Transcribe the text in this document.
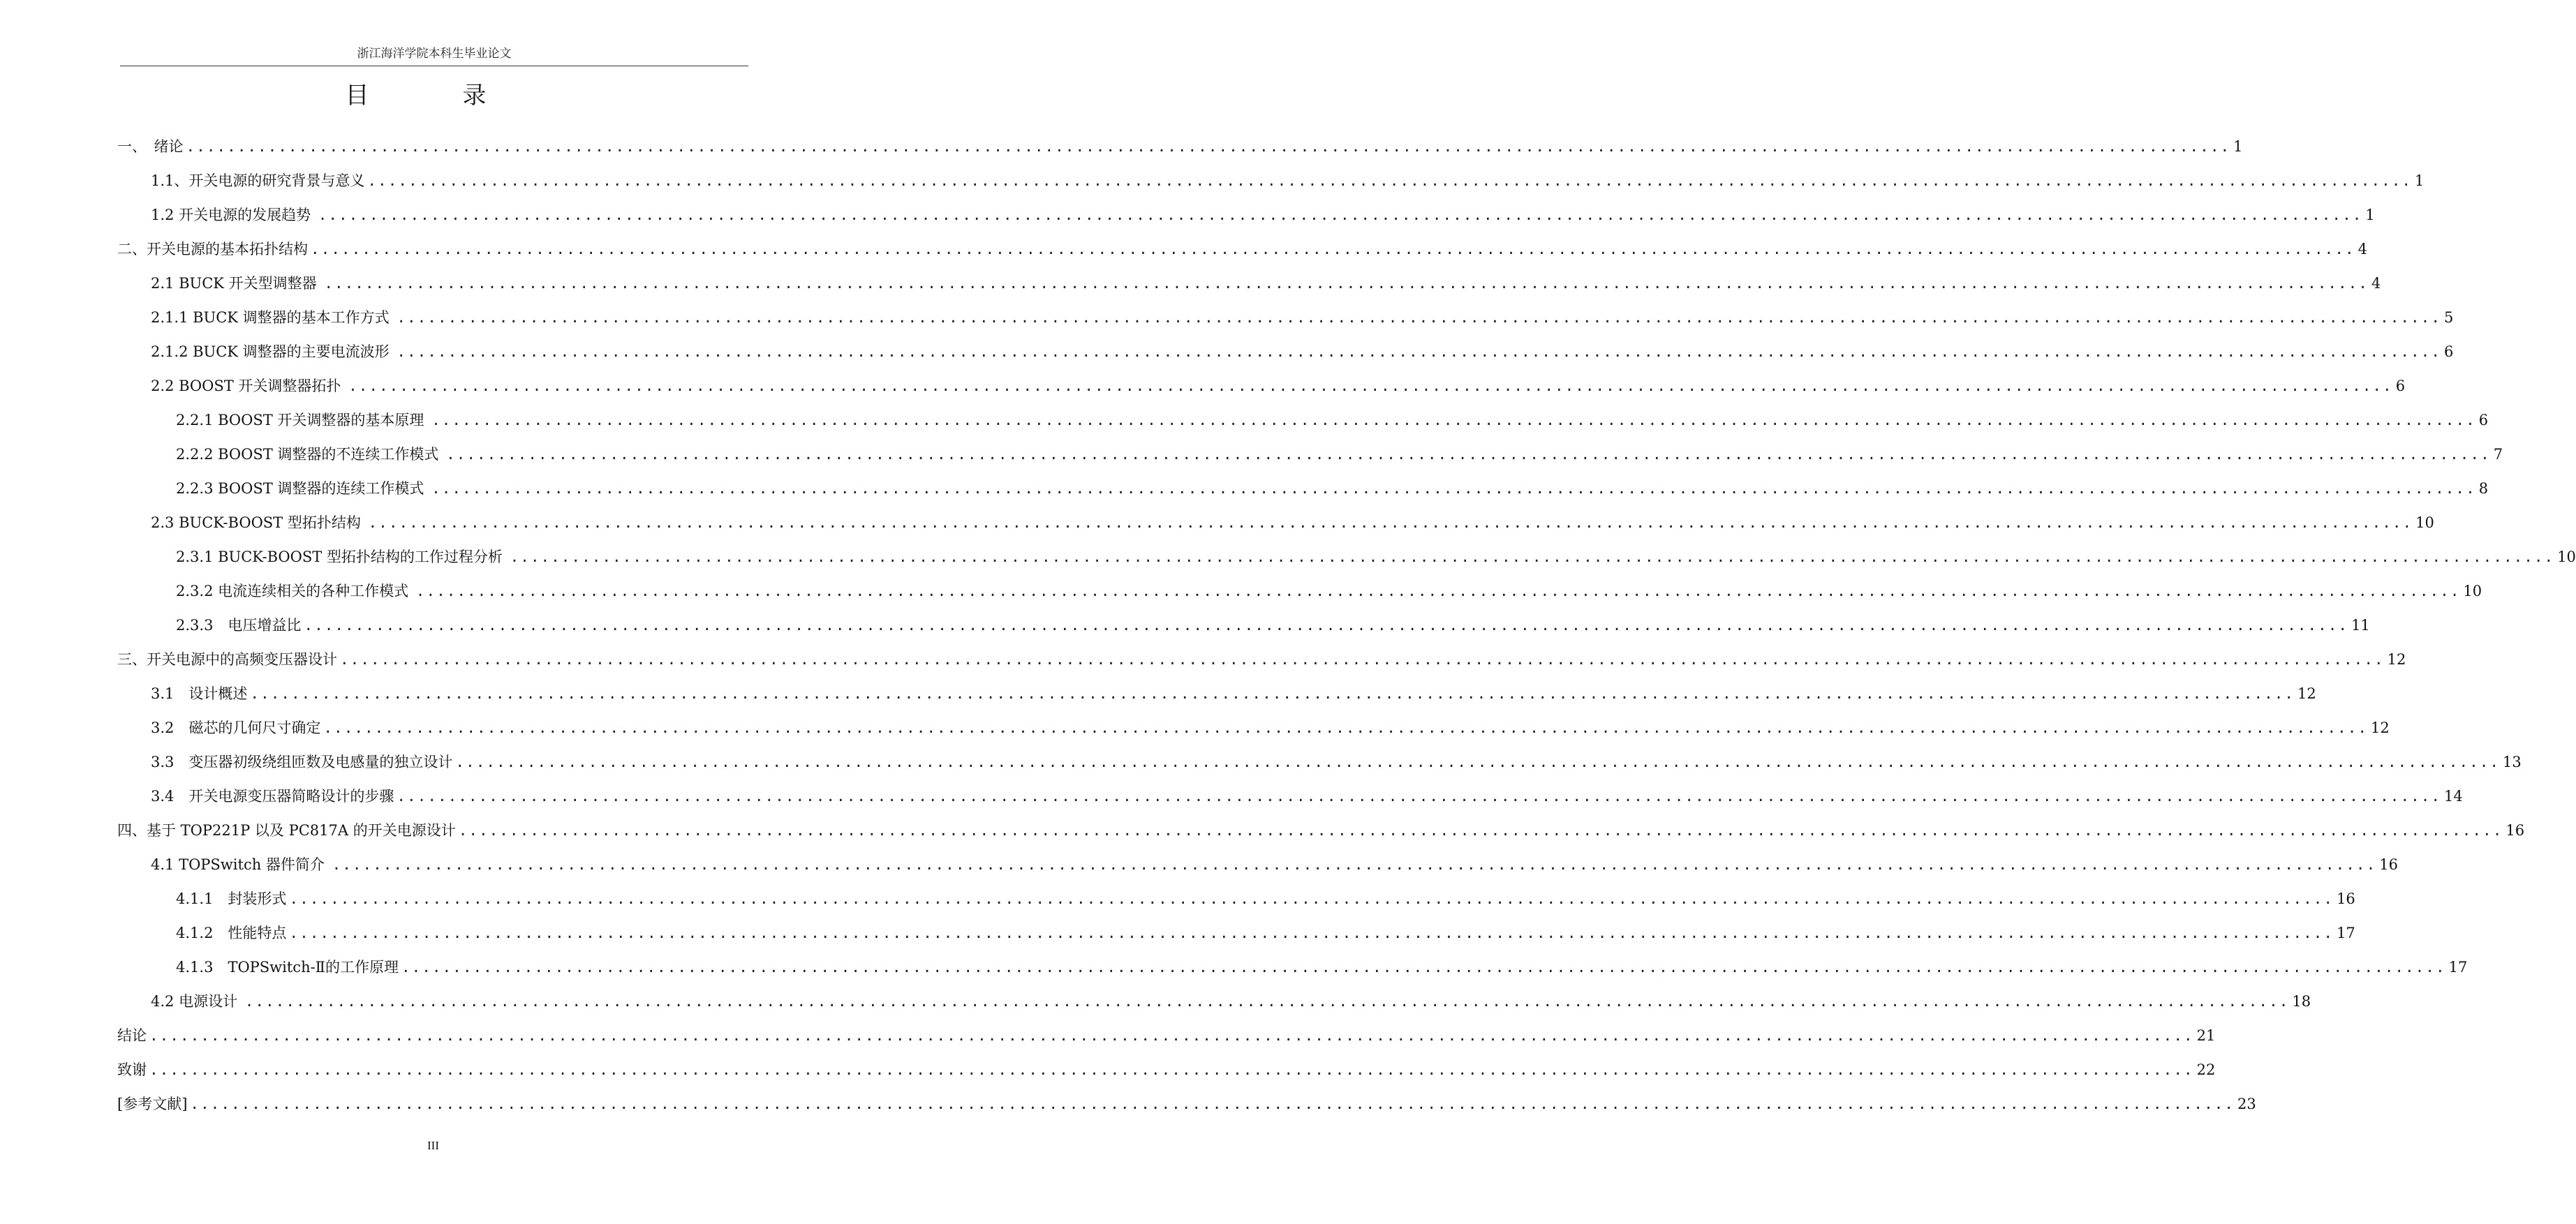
浙江海洋学院本科生毕业论文
目　录
一、　绪论 ........................................................................................................................................................................................................ 1
1.1、开关电源的研究背景与意义 ........................................................................................................................................................................................................ 1
1.2 开关电源的发展趋势 ........................................................................................................................................................................................................ 1
二、开关电源的基本拓扑结构 ........................................................................................................................................................................................................ 4
2.1 BUCK 开关型调整器 ........................................................................................................................................................................................................ 4
2.1.1 BUCK 调整器的基本工作方式 ........................................................................................................................................................................................................ 5
2.1.2 BUCK 调整器的主要电流波形 ........................................................................................................................................................................................................ 6
2.2 BOOST 开关调整器拓扑 ........................................................................................................................................................................................................ 6
2.2.1 BOOST 开关调整器的基本原理 ........................................................................................................................................................................................................ 6
2.2.2 BOOST 调整器的不连续工作模式 ........................................................................................................................................................................................................ 7
2.2.3 BOOST 调整器的连续工作模式 ........................................................................................................................................................................................................ 8
2.3 BUCK-BOOST 型拓扑结构 ........................................................................................................................................................................................................ 10
2.3.1 BUCK-BOOST 型拓扑结构的工作过程分析 ........................................................................................................................................................................................................ 10
2.3.2 电流连续相关的各种工作模式 ........................................................................................................................................................................................................ 10
2.3.3　电压增益比 ........................................................................................................................................................................................................ 11
三、开关电源中的高频变压器设计 ........................................................................................................................................................................................................ 12
3.1　设计概述 ........................................................................................................................................................................................................ 12
3.2　磁芯的几何尺寸确定 ........................................................................................................................................................................................................ 12
3.3　变压器初级绕组匝数及电感量的独立设计 ........................................................................................................................................................................................................ 13
3.4　开关电源变压器简略设计的步骤 ........................................................................................................................................................................................................ 14
四、基于 TOP221P 以及 PC817A 的开关电源设计 ........................................................................................................................................................................................................ 16
4.1 TOPSwitch 器件简介 ........................................................................................................................................................................................................ 16
4.1.1　封装形式 ........................................................................................................................................................................................................ 16
4.1.2　性能特点 ........................................................................................................................................................................................................ 17
4.1.3　TOPSwitch-Ⅱ的工作原理 ........................................................................................................................................................................................................ 17
4.2 电源设计 ........................................................................................................................................................................................................ 18
结论 ........................................................................................................................................................................................................ 21
致谢 ........................................................................................................................................................................................................ 22
[参考文献] ........................................................................................................................................................................................................ 23
III
